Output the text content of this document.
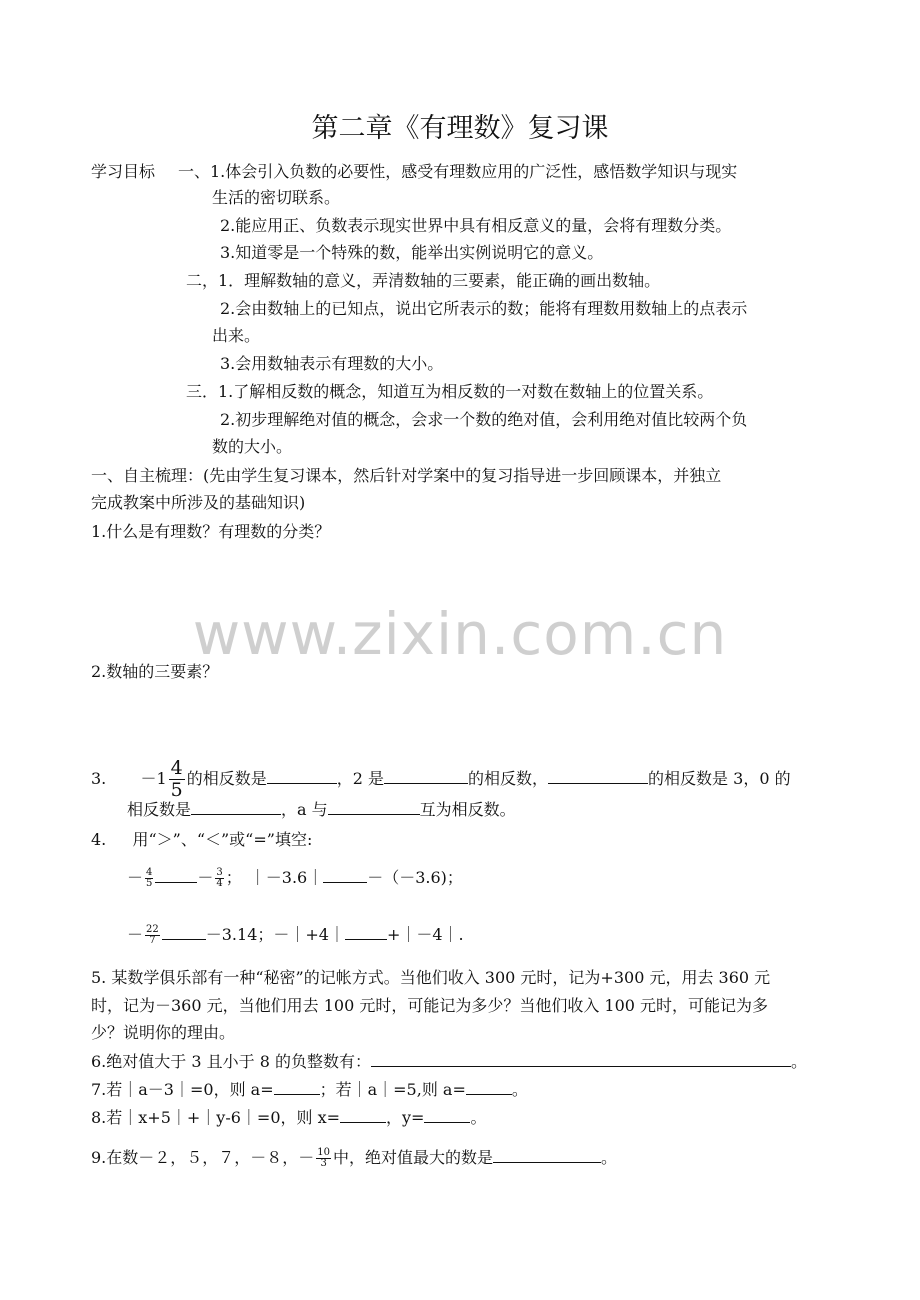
第二章《有理数》复习课
学习目标 一、1.体会引入负数的必要性，感受有理数应用的广泛性，感悟数学知识与现实
生活的密切联系。
2.能应用正、负数表示现实世界中具有相反意义的量，会将有理数分类。
3.知道零是一个特殊的数，能举出实例说明它的意义。
二，1．理解数轴的意义，弄清数轴的三要素，能正确的画出数轴。
2.会由数轴上的已知点，说出它所表示的数；能将有理数用数轴上的点表示
出来。
3.会用数轴表示有理数的大小。
三．1.了解相反数的概念，知道互为相反数的一对数在数轴上的位置关系。
2.初步理解绝对值的概念，会求一个数的绝对值，会利用绝对值比较两个负
数的大小。
一、自主梳理：(先由学生复习课本，然后针对学案中的复习指导进一步回顾课本，并独立
完成教案中所涉及的基础知识)
1.什么是有理数？有理数的分类？
www.zixin.com.cn
2.数轴的三要素？
3. $-1 \frac{4}{5}$ 的相反数是	，2 是	的相反数，	的相反数是 3，0 的
相反数是	，a 与	互为相反数。
4. 用“＞”、“＜”或“=”填空:
－ $\frac{4}{5}$	－ $\frac{3}{4}$ ；　｜－3.6｜	－（－3.6)；
－ $\frac{22}{7}$	－3.14；－｜+4｜	+｜－4｜.
5. 某数学俱乐部有一种“秘密”的记帐方式。当他们收入 300 元时，记为+300 元，用去 360 元
时，记为－360 元，当他们用去 100 元时，可能记为多少？当他们收入 100 元时，可能记为多
少？说明你的理由。
6.绝对值大于 3 且小于 8 的负整数有：	。
7.若｜a－3｜=0，则 a=	；若｜a｜=5,则 a=	。
8.若｜x+5｜+｜y-6｜=0，则 x=	，y=	。
9.在数－２，５，７，－８，－ $\frac{10}{3}$ 中，绝对值最大的数是	。
